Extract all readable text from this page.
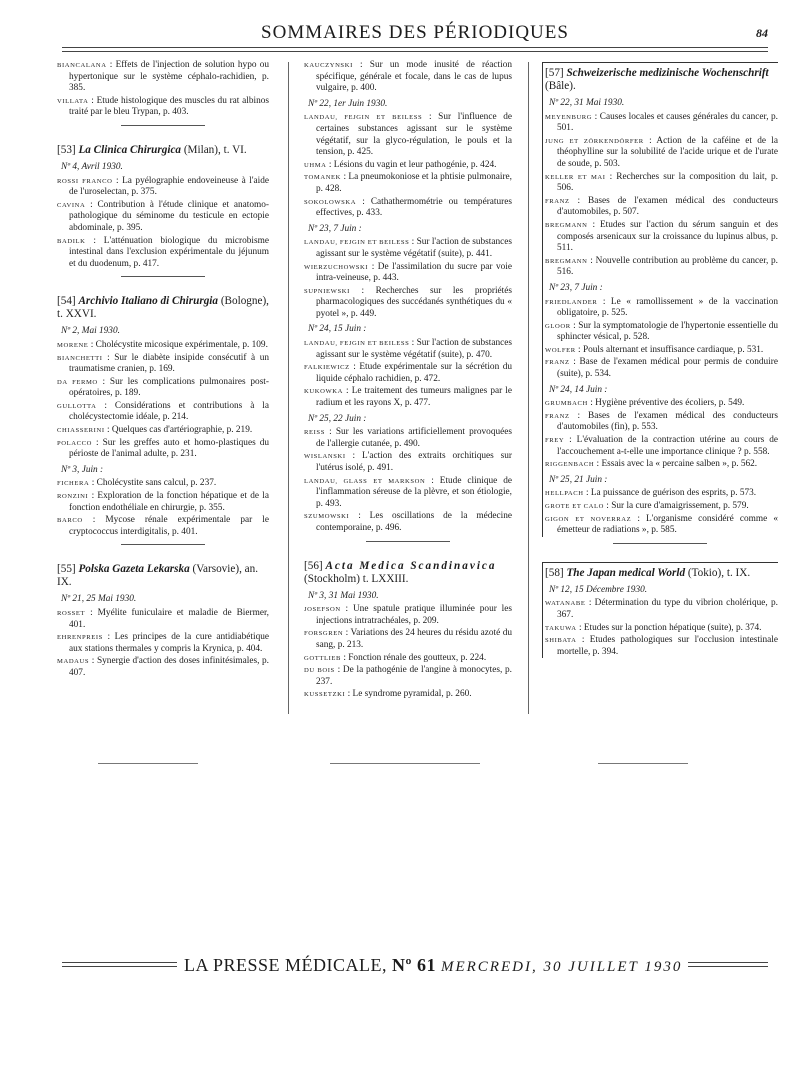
SOMMAIRES DES PÉRIODIQUES	84

BIANCALANA : Effets de l'injection de solution hypo ou hypertonique sur le système céphalo-rachidien, p. 385.

VILLATA : Etude histologique des muscles du rat albinos traité par le bleu Trypan, p. 403.

[53] La Clinica Chirurgica (Milan), t. VI.
Nº 4, Avril 1930.

ROSSI FRANCO : La pyélographie endoveineuse à l'aide de l'uroselectan, p. 375.

CAVINA : Contribution à l'étude clinique et anatomo-pathologique du séminome du testicule en ectopie abdominale, p. 395.

BADILK : L'atténuation biologique du microbisme intestinal dans l'exclusion expérimentale du jéjunum et du duodenum, p. 417.

[54] Archivio Italiano di Chirurgia (Bologne), t. XXVI.
Nº 2, Mai 1930.

MORENE : Cholécystite micosique expérimentale, p. 109.

BIANCHETTI : Sur le diabète insipide consécutif à un traumatisme cranien, p. 169.

DA FERMO : Sur les complications pulmonaires post-opératoires, p. 189.

GULLOTTA : Considérations et contributions à la cholécystectomie idéale, p. 214.

CHIASSERINI : Quelques cas d'artériographie, p. 219.

POLACCO : Sur les greffes auto et homo-plastiques du périoste de l'animal adulte, p. 231.

Nº 3, Juin :

FICHERA : Cholécystite sans calcul, p. 237.

RONZINI : Exploration de la fonction hépatique et de la fonction endothéliale en chirurgie, p. 355.

BARCO : Mycose rénale expérimentale par le cryptococcus interdigitalis, p. 401.

[55] Polska Gazeta Lekarska (Varsovie), an. IX.
Nº 21, 25 Mai 1930.

ROSSET : Myélite funiculaire et maladie de Biermer, 401.

EHRENPREIS : Les principes de la cure antidiabétique aux stations thermales y compris la Krynica, p. 404.

MADAUS : Synergie d'action des doses infinitésimales, p. 407.

KAUCZYNSKI : Sur un mode inusité de réaction spécifique, générale et focale, dans le cas de lupus vulgaire, p. 400.

Nº 22, 1er Juin 1930.

LANDAU, FEJGIN ET BEILESS : Sur l'influence de certaines substances agissant sur le système végétatif, sur la glyco-régulation, le pouls et la tension, p. 425.

UHMA : Lésions du vagin et leur pathogénie, p. 424.

TOMANEK : La pneumokoniose et la phtisie pulmonaire, p. 428.

SOKOLOWSKA : Cathathermométrie ou températures effectives, p. 433.

Nº 23, 7 Juin :

LANDAU, FEJGIN ET BEILESS : Sur l'action de substances agissant sur le système végétatif (suite), p. 441.

WIERZUCHOWSKI : De l'assimilation du sucre par voie intra-veineuse, p. 443.

SUPNIEWSKI : Recherches sur les propriétés pharmacologiques des succédanés synthétiques du « pyotel », p. 449.

Nº 24, 15 Juin :

LANDAU, FEJGIN ET BEILESS : Sur l'action de substances agissant sur le système végétatif (suite), p. 470.

FALKIEWICZ : Etude expérimentale sur la sécrétion du liquide céphalo rachidien, p. 472.

KUKOWKA : Le traitement des tumeurs malignes par le radium et les rayons X, p. 477.

Nº 25, 22 Juin :

REISS : Sur les variations artificiellement provoquées de l'allergie cutanée, p. 490.

WISLANSKI : L'action des extraits orchitiques sur l'utérus isolé, p. 491.

LANDAU, GLASS ET MARKSON : Etude clinique de l'inflammation séreuse de la plèvre, et son étiologie, p. 493.

SZUMOWSKI : Les oscillations de la médecine contemporaine, p. 496.

[56] Acta Medica Scandinavica (Stockholm) t. LXXIII.
Nº 3, 31 Mai 1930.

JOSEFSON : Une spatule pratique illuminée pour les injections intratrachéales, p. 209.

FORSGREN : Variations des 24 heures du résidu azoté du sang, p. 213.

GOTTLIEB : Fonction rénale des goutteux, p. 224.

DU BOIS : De la pathogénie de l'angine à monocytes, p. 237.

KUSSETZKI : Le syndrome pyramidal, p. 260.

[57] Schweizerische medizinische Wochenschrift (Bâle).
Nº 22, 31 Mai 1930.

MEYENBURG : Causes locales et causes générales du cancer, p. 501.

JUNG ET ZÖRKENDÖRFER : Action de la caféine et de la théophylline sur la solubilité de l'acide urique et de l'urate de soude, p. 503.

KELLER ET MAI : Recherches sur la composition du lait, p. 506.

FRANZ : Bases de l'examen médical des conducteurs d'automobiles, p. 507.

BREGMANN : Etudes sur l'action du sérum sanguin et des composés arsenicaux sur la croissance du lupinus albus, p. 511.

BREGMANN : Nouvelle contribution au problème du cancer, p. 516.

Nº 23, 7 Juin :

FRIEDLANDER : Le « ramollissement » de la vaccination obligatoire, p. 525.

GLOOR : Sur la symptomatologie de l'hypertonie essentielle du sphincter vésical, p. 528.

WOLFER : Pouls alternant et insuffisance cardiaque, p. 531.

FRANZ : Base de l'examen médical pour permis de conduire (suite), p. 534.

Nº 24, 14 Juin :

GRUMBACH : Hygiène préventive des écoliers, p. 549.

FRANZ : Bases de l'examen médical des conducteurs d'automobiles (fin), p. 553.

FREY : L'évaluation de la contraction utérine au cours de l'accouchement a-t-elle une importance clinique ? p. 558.

RIGGENBACH : Essais avec la « percaine salben », p. 562.

Nº 25, 21 Juin :

HELLPACH : La puissance de guérison des esprits, p. 573.

GROTE ET CALO : Sur la cure d'amaigrissement, p. 579.

GIGON ET NOVERRAZ : L'organisme considéré comme « émetteur de radiations », p. 585.

[58] The Japan medical World (Tokio), t. IX.
Nº 12, 15 Décembre 1930.

WATANABE : Détermination du type du vibrion cholérique, p. 367.

TAKUWA : Etudes sur la ponction hépatique (suite), p. 374.

SHIBATA : Etudes pathologiques sur l'occlusion intestinale mortelle, p. 394.

LA PRESSE MÉDICALE, Nº 61 MERCREDI, 30 JUILLET 1930
